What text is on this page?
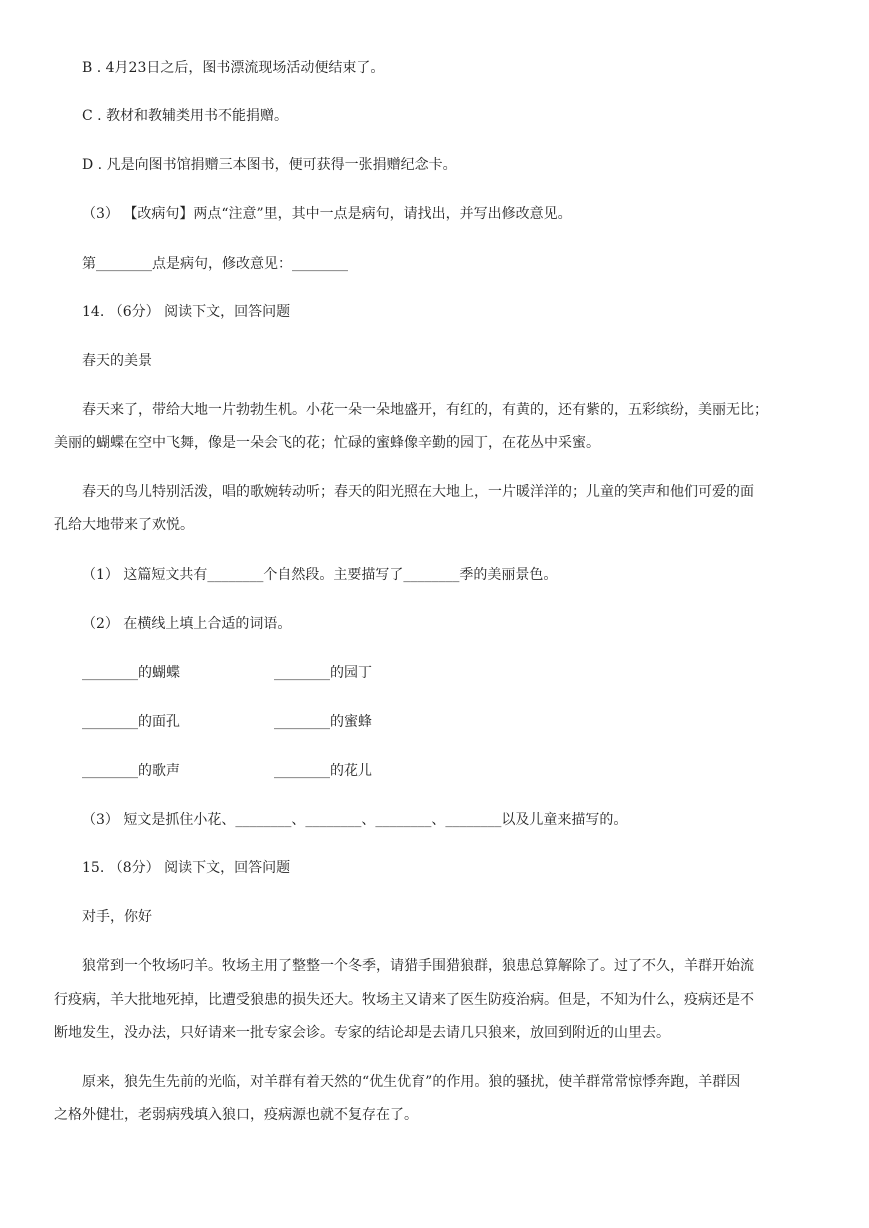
B . 4月23日之后，图书漂流现场活动便结束了。
C . 教材和教辅类用书不能捐赠。
D . 凡是向图书馆捐赠三本图书，便可获得一张捐赠纪念卡。
（3） 【改病句】两点“注意”里，其中一点是病句，请找出，并写出修改意见。
第________点是病句，修改意见：________
14. （6分） 阅读下文，回答问题
春天的美景
春天来了，带给大地一片勃勃生机。小花一朵一朵地盛开，有红的，有黄的，还有紫的，五彩缤纷，美丽无比；
美丽的蝴蝶在空中飞舞，像是一朵会飞的花；忙碌的蜜蜂像辛勤的园丁，在花丛中采蜜。
春天的鸟儿特别活泼，唱的歌婉转动听；春天的阳光照在大地上，一片暖洋洋的；儿童的笑声和他们可爱的面
孔给大地带来了欢悦。
（1） 这篇短文共有________个自然段。主要描写了________季的美丽景色。
（2） 在横线上填上合适的词语。
________的蝴蝶	________的园丁
________的面孔	________的蜜蜂
________的歌声	________的花儿
（3） 短文是抓住小花、________、________、________、________以及儿童来描写的。
15. （8分） 阅读下文，回答问题
对手，你好
狼常到一个牧场叼羊。牧场主用了整整一个冬季，请猎手围猎狼群，狼患总算解除了。过了不久，羊群开始流
行疫病，羊大批地死掉，比遭受狼患的损失还大。牧场主又请来了医生防疫治病。但是，不知为什么，疫病还是不
断地发生，没办法，只好请来一批专家会诊。专家的结论却是去请几只狼来，放回到附近的山里去。
原来，狼先生先前的光临，对羊群有着天然的“优生优育”的作用。狼的骚扰，使羊群常常惊悸奔跑，羊群因
之格外健壮，老弱病残填入狼口，疫病源也就不复存在了。
